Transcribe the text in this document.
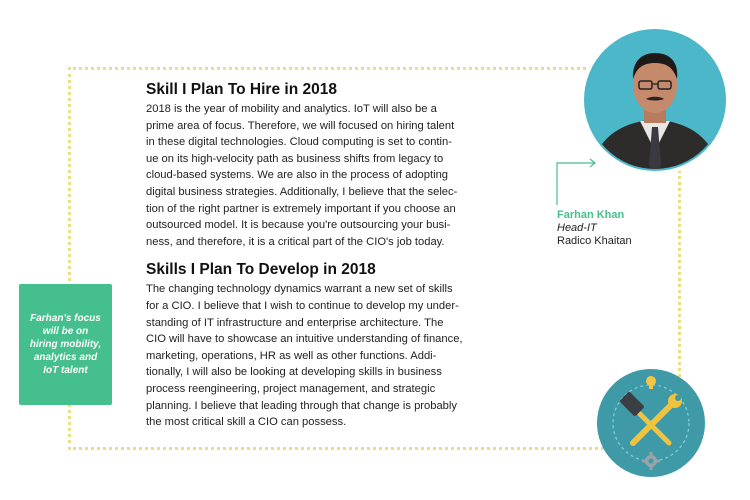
Skill I Plan To Hire in 2018

2018 is the year of mobility and analytics. IoT will also be a
prime area of focus. Therefore, we will focused on hiring talent
in these digital technologies. Cloud computing is set to contin-
ue on its high-velocity path as business shifts from legacy to
cloud-based systems. We are also in the process of adopting
digital business strategies. Additionally, I believe that the selec-
tion of the right partner is extremely important if you choose an
outsourced model. It is because you're outsourcing your busi-
ness, and therefore, it is a critical part of the CIO's job today.

Skills I Plan To Develop in 2018

The changing technology dynamics warrant a new set of skills
for a CIO. I believe that I wish to continue to develop my under-
standing of IT infrastructure and enterprise architecture. The
CIO will have to showcase an intuitive understanding of finance,
marketing, operations, HR as well as other functions. Addi-
tionally, I will also be looking at developing skills in business
process reengineering, project management, and strategic
planning. I believe that leading through that change is probably
the most critical skill a CIO can possess.

Farhan's focus
will be on
hiring mobility,
analytics and
IoT talent
Farhan Khan
Head-IT
Radico Khaitan
